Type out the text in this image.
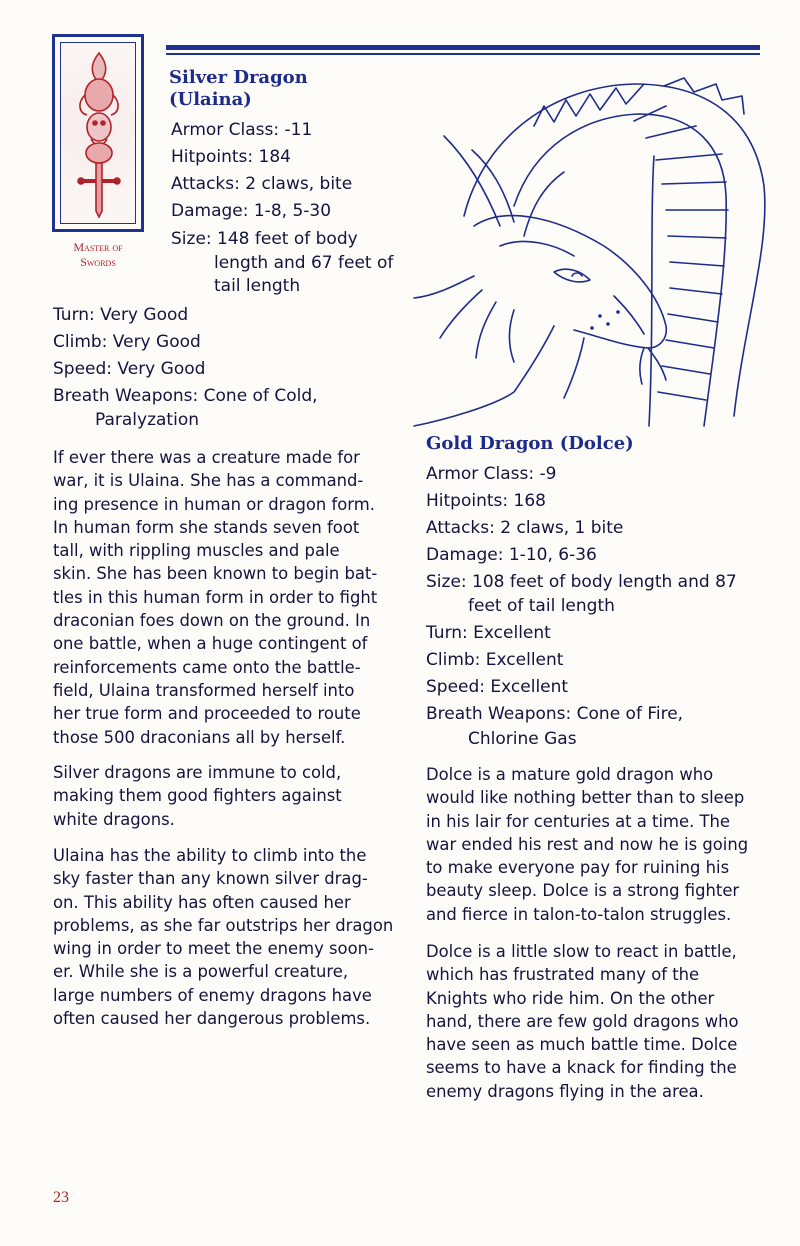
Master of
Swords
Silver Dragon
(Ulaina)
Armor Class: -11
Hitpoints: 184
Attacks: 2 claws, bite
Damage: 1-8, 5-30
Size: 148 feet of body
length and 67 feet of
tail length
Turn: Very Good
Climb: Very Good
Speed: Very Good
Breath Weapons: Cone of Cold,
Paralyzation
If ever there was a creature made for
war, it is Ulaina. She has a command-
ing presence in human or dragon form.
In human form she stands seven foot
tall, with rippling muscles and pale
skin. She has been known to begin bat-
tles in this human form in order to fight
draconian foes down on the ground. In
one battle, when a huge contingent of
reinforcements came onto the battle-
field, Ulaina transformed herself into
her true form and proceeded to route
those 500 draconians all by herself.
Silver dragons are immune to cold,
making them good fighters against
white dragons.
Ulaina has the ability to climb into the
sky faster than any known silver drag-
on. This ability has often caused her
problems, as she far outstrips her dragon
wing in order to meet the enemy soon-
er. While she is a powerful creature,
large numbers of enemy dragons have
often caused her dangerous problems.
Gold Dragon (Dolce)
Armor Class: -9
Hitpoints: 168
Attacks: 2 claws, 1 bite
Damage: 1-10, 6-36
Size: 108 feet of body length and 87
feet of tail length
Turn: Excellent
Climb: Excellent
Speed: Excellent
Breath Weapons: Cone of Fire,
Chlorine Gas
Dolce is a mature gold dragon who
would like nothing better than to sleep
in his lair for centuries at a time. The
war ended his rest and now he is going
to make everyone pay for ruining his
beauty sleep. Dolce is a strong fighter
and fierce in talon-to-talon struggles.
Dolce is a little slow to react in battle,
which has frustrated many of the
Knights who ride him. On the other
hand, there are few gold dragons who
have seen as much battle time. Dolce
seems to have a knack for finding the
enemy dragons flying in the area.
23
